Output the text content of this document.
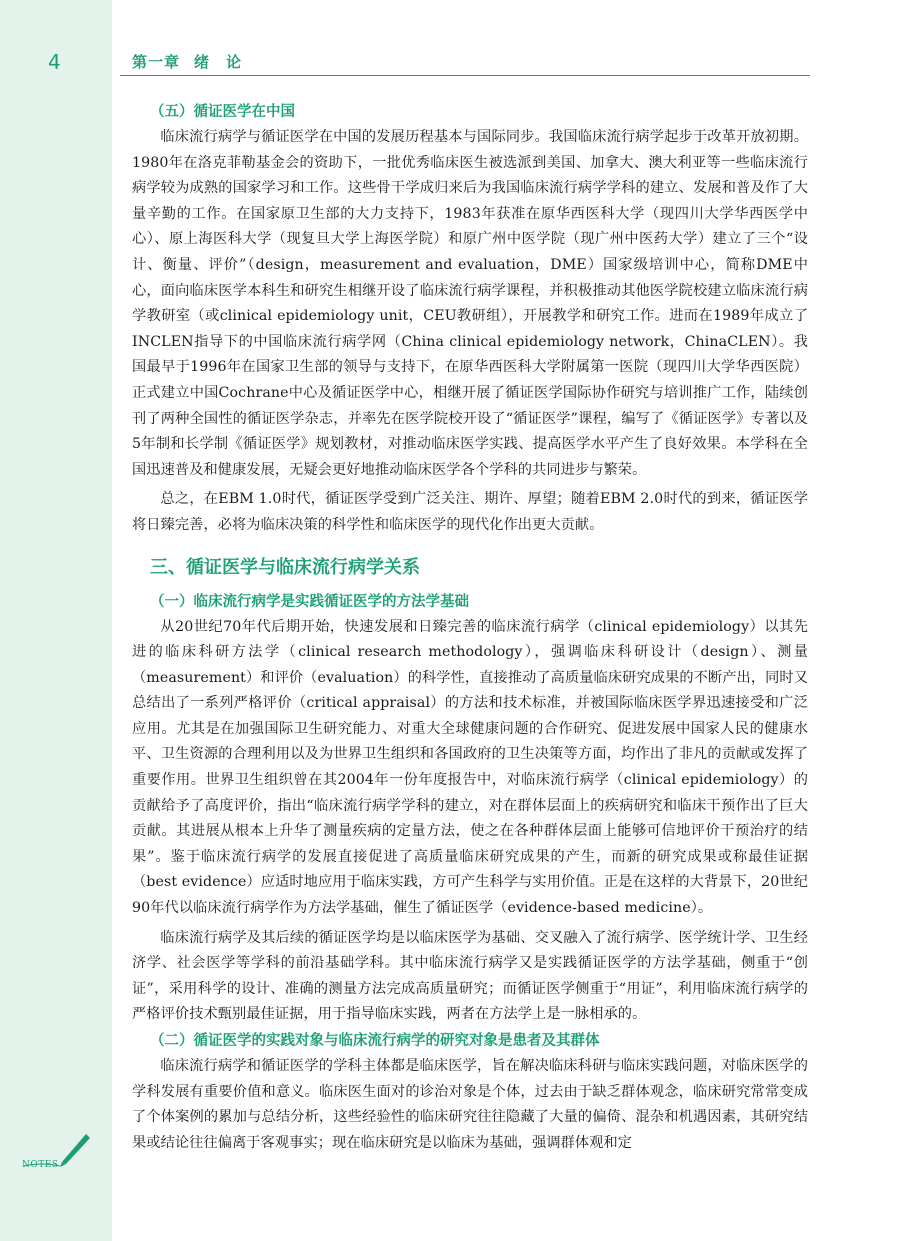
4	第一章 绪　论
（五）循证医学在中国

临床流行病学与循证医学在中国的发展历程基本与国际同步。我国临床流行病学起步于改革开放初期。1980年在洛克菲勒基金会的资助下，一批优秀临床医生被选派到美国、加拿大、澳大利亚等一些临床流行病学较为成熟的国家学习和工作。这些骨干学成归来后为我国临床流行病学学科的建立、发展和普及作了大量辛勤的工作。在国家原卫生部的大力支持下，1983年获准在原华西医科大学（现四川大学华西医学中心）、原上海医科大学（现复旦大学上海医学院）和原广州中医学院（现广州中医药大学）建立了三个“设计、衡量、评价”（design，measurement and evaluation，DME）国家级培训中心，简称DME中心，面向临床医学本科生和研究生相继开设了临床流行病学课程，并积极推动其他医学院校建立临床流行病学教研室（或clinical epidemiology unit，CEU教研组），开展教学和研究工作。进而在1989年成立了INCLEN指导下的中国临床流行病学网（China clinical epidemiology network，ChinaCLEN）。我国最早于1996年在国家卫生部的领导与支持下，在原华西医科大学附属第一医院（现四川大学华西医院）正式建立中国Cochrane中心及循证医学中心，相继开展了循证医学国际协作研究与培训推广工作，陆续创刊了两种全国性的循证医学杂志，并率先在医学院校开设了“循证医学”课程，编写了《循证医学》专著以及5年制和长学制《循证医学》规划教材，对推动临床医学实践、提高医学水平产生了良好效果。本学科在全国迅速普及和健康发展，无疑会更好地推动临床医学各个学科的共同进步与繁荣。

总之，在EBM 1.0时代，循证医学受到广泛关注、期许、厚望；随着EBM 2.0时代的到来，循证医学将日臻完善，必将为临床决策的科学性和临床医学的现代化作出更大贡献。

三、循证医学与临床流行病学关系
（一）临床流行病学是实践循证医学的方法学基础

从20世纪70年代后期开始，快速发展和日臻完善的临床流行病学（clinical epidemiology）以其先进的临床科研方法学（clinical research methodology），强调临床科研设计（design）、测量（measurement）和评价（evaluation）的科学性，直接推动了高质量临床研究成果的不断产出，同时又总结出了一系列严格评价（critical appraisal）的方法和技术标准，并被国际临床医学界迅速接受和广泛应用。尤其是在加强国际卫生研究能力、对重大全球健康问题的合作研究、促进发展中国家人民的健康水平、卫生资源的合理利用以及为世界卫生组织和各国政府的卫生决策等方面，均作出了非凡的贡献或发挥了重要作用。世界卫生组织曾在其2004年一份年度报告中，对临床流行病学（clinical epidemiology）的贡献给予了高度评价，指出“临床流行病学学科的建立，对在群体层面上的疾病研究和临床干预作出了巨大贡献。其进展从根本上升华了测量疾病的定量方法，使之在各种群体层面上能够可信地评价干预治疗的结果”。鉴于临床流行病学的发展直接促进了高质量临床研究成果的产生，而新的研究成果或称最佳证据（best evidence）应适时地应用于临床实践，方可产生科学与实用价值。正是在这样的大背景下，20世纪90年代以临床流行病学作为方法学基础，催生了循证医学（evidence-based medicine）。

临床流行病学及其后续的循证医学均是以临床医学为基础、交叉融入了流行病学、医学统计学、卫生经济学、社会医学等学科的前沿基础学科。其中临床流行病学又是实践循证医学的方法学基础，侧重于“创证”，采用科学的设计、准确的测量方法完成高质量研究；而循证医学侧重于“用证”，利用临床流行病学的严格评价技术甄别最佳证据，用于指导临床实践，两者在方法学上是一脉相承的。

（二）循证医学的实践对象与临床流行病学的研究对象是患者及其群体

临床流行病学和循证医学的学科主体都是临床医学，旨在解决临床科研与临床实践问题，对临床医学的学科发展有重要价值和意义。临床医生面对的诊治对象是个体，过去由于缺乏群体观念，临床研究常常变成了个体案例的累加与总结分析，这些经验性的临床研究往往隐藏了大量的偏倚、混杂和机遇因素，其研究结果或结论往往偏离于客观事实；现在临床研究是以临床为基础，强调群体观和定

NOTES
